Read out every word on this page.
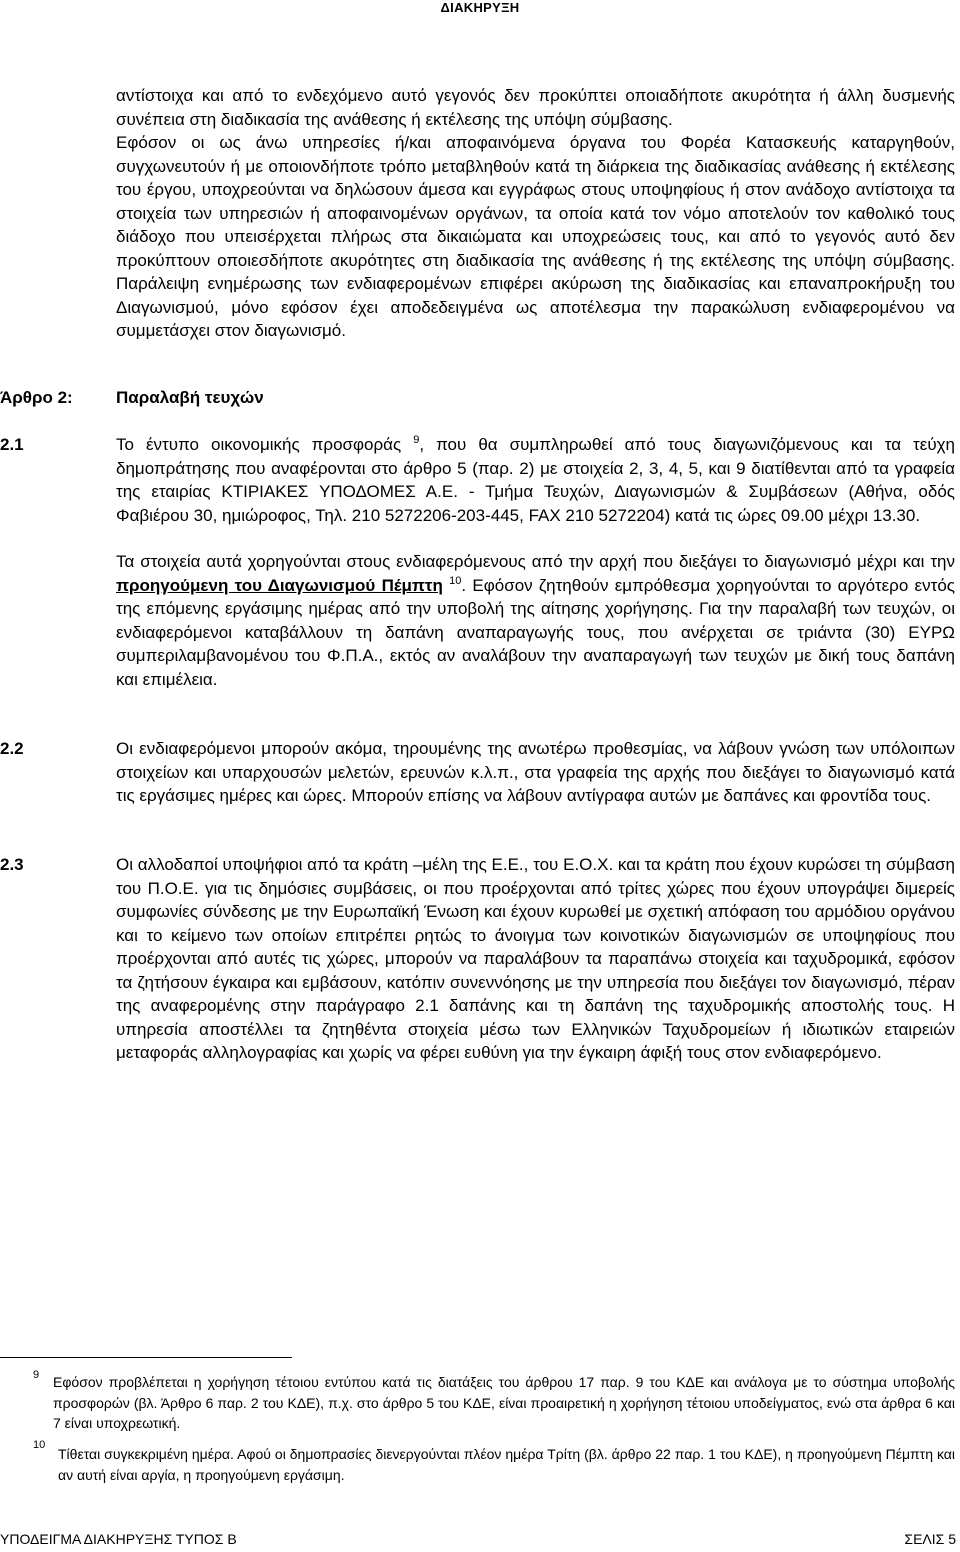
ΔΙΑΚΗΡΥΞΗ
αντίστοιχα και από το ενδεχόμενο αυτό γεγονός δεν προκύπτει οποιαδήποτε ακυρότητα ή άλλη δυσμενής συνέπεια στη διαδικασία της ανάθεσης ή εκτέλεσης της υπόψη σύμβασης.
Εφόσον οι ως άνω υπηρεσίες ή/και αποφαινόμενα όργανα του Φορέα Κατασκευής καταργηθούν, συγχωνευτούν ή με οποιονδήποτε τρόπο μεταβληθούν κατά τη διάρκεια της διαδικασίας ανάθεσης ή εκτέλεσης του έργου, υποχρεούνται να δηλώσουν άμεσα και εγγράφως στους υποψηφίους ή στον ανάδοχο αντίστοιχα τα στοιχεία των υπηρεσιών ή αποφαινομένων οργάνων, τα οποία κατά τον νόμο αποτελούν τον καθολικό τους διάδοχο που υπεισέρχεται πλήρως στα δικαιώματα και υποχρεώσεις τους, και από το γεγονός αυτό δεν προκύπτουν οποιεσδήποτε ακυρότητες στη διαδικασία της ανάθεσης ή της εκτέλεσης της υπόψη σύμβασης. Παράλειψη ενημέρωσης των ενδιαφερομένων επιφέρει ακύρωση της διαδικασίας και επαναπροκήρυξη του Διαγωνισμού, μόνο εφόσον έχει αποδεδειγμένα ως αποτέλεσμα την παρακώλυση ενδιαφερομένου να συμμετάσχει στον διαγωνισμό.
Άρθρο 2:	Παραλαβή τευχών
2.1	Το έντυπο οικονομικής προσφοράς $^9$, που θα συμπληρωθεί από τους διαγωνιζόμενους και τα τεύχη δημοπράτησης που αναφέρονται στο άρθρο 5 (παρ. 2) με στοιχεία 2, 3, 4, 5, και 9 διατίθενται από τα γραφεία της εταιρίας ΚΤΙΡΙΑΚΕΣ ΥΠΟΔΟΜΕΣ Α.Ε. - Τμήμα Τευχών, Διαγωνισμών & Συμβάσεων (Αθήνα, οδός Φαβιέρου 30, ημιώροφος, Τηλ. 210 5272206-203-445, FAX 210 5272204) κατά τις ώρες 09.00 μέχρι 13.30.
Τα στοιχεία αυτά χορηγούνται στους ενδιαφερόμενους από την αρχή που διεξάγει το διαγωνισμό μέχρι και την προηγούμενη του Διαγωνισμού Πέμπτη $^{10}$. Εφόσον ζητηθούν εμπρόθεσμα χορηγούνται το αργότερο εντός της επόμενης εργάσιμης ημέρας από την υποβολή της αίτησης χορήγησης. Για την παραλαβή των τευχών, οι ενδιαφερόμενοι καταβάλλουν τη δαπάνη αναπαραγωγής τους, που ανέρχεται σε τριάντα (30) ΕΥΡΩ συμπεριλαμβανομένου του Φ.Π.Α., εκτός αν αναλάβουν την αναπαραγωγή των τευχών με δική τους δαπάνη και επιμέλεια.
2.2	Οι ενδιαφερόμενοι μπορούν ακόμα, τηρουμένης της ανωτέρω προθεσμίας, να λάβουν γνώση των υπόλοιπων στοιχείων και υπαρχουσών μελετών, ερευνών κ.λ.π., στα γραφεία της αρχής που διεξάγει το διαγωνισμό κατά τις εργάσιμες ημέρες και ώρες. Μπορούν επίσης να λάβουν αντίγραφα αυτών με δαπάνες και φροντίδα τους.
2.3	Οι αλλοδαποί υποψήφιοι από τα κράτη –μέλη της Ε.Ε., του Ε.Ο.Χ. και τα κράτη που έχουν κυρώσει τη σύμβαση του Π.Ο.Ε. για τις δημόσιες συμβάσεις, οι που προέρχονται από τρίτες χώρες που έχουν υπογράψει διμερείς συμφωνίες σύνδεσης με την Ευρωπαϊκή Ένωση και έχουν κυρωθεί με σχετική απόφαση του αρμόδιου οργάνου και το κείμενο των οποίων επιτρέπει ρητώς το άνοιγμα των κοινοτικών διαγωνισμών σε υποψηφίους που προέρχονται από αυτές τις χώρες, μπορούν να παραλάβουν τα παραπάνω στοιχεία και ταχυδρομικά, εφόσον τα ζητήσουν έγκαιρα και εμβάσουν, κατόπιν συνεννόησης με την υπηρεσία που διεξάγει τον διαγωνισμό, πέραν της αναφερομένης στην παράγραφο 2.1 δαπάνης και τη δαπάνη της ταχυδρομικής αποστολής τους. Η υπηρεσία αποστέλλει τα ζητηθέντα στοιχεία μέσω των Ελληνικών Ταχυδρομείων ή ιδιωτικών εταιρειών μεταφοράς αλληλογραφίας και χωρίς να φέρει ευθύνη για την έγκαιρη άφιξή τους στον ενδιαφερόμενο.
9 Εφόσον προβλέπεται η χορήγηση τέτοιου εντύπου κατά τις διατάξεις του άρθρου 17 παρ. 9 του ΚΔΕ και ανάλογα με το σύστημα υποβολής προσφορών (βλ. Άρθρο 6 παρ. 2 του ΚΔΕ), π.χ. στο άρθρο 5 του ΚΔΕ, είναι προαιρετική η χορήγηση τέτοιου υποδείγματος, ενώ στα άρθρα 6 και 7 είναι υποχρεωτική.
10
Τίθεται συγκεκριμένη ημέρα. Αφού οι δημοπρασίες διενεργούνται πλέον ημέρα Τρίτη (βλ. άρθρο 22 παρ. 1 του ΚΔΕ), η προηγούμενη Πέμπτη και αν αυτή είναι αργία, η προηγούμενη εργάσιμη.
ΥΠΟΔΕΙΓΜΑ ΔΙΑΚΗΡΥΞΗΣ ΤΥΠΟΣ Β	ΣΕΛΙΣ 5
